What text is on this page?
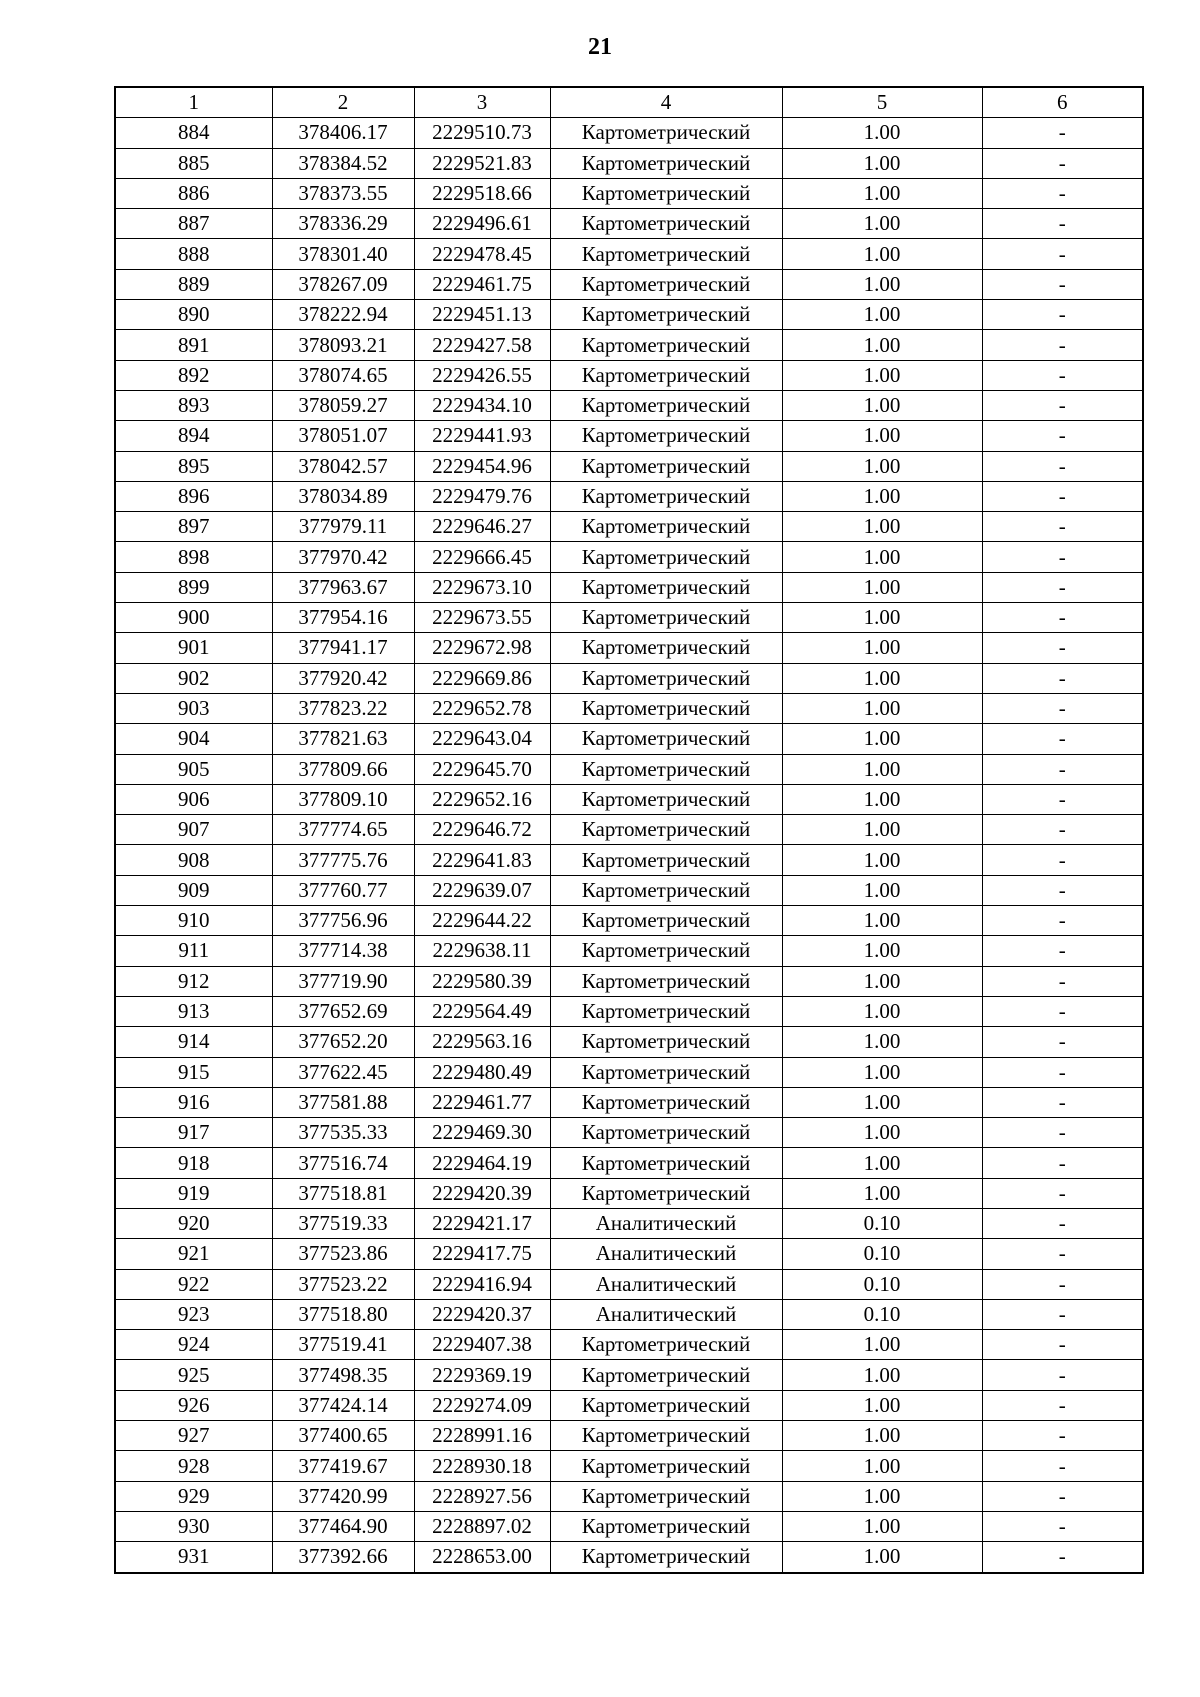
21
1	2	3	4	5	6
884	378406.17	2229510.73	Картометрический	1.00	-
885	378384.52	2229521.83	Картометрический	1.00	-
886	378373.55	2229518.66	Картометрический	1.00	-
887	378336.29	2229496.61	Картометрический	1.00	-
888	378301.40	2229478.45	Картометрический	1.00	-
889	378267.09	2229461.75	Картометрический	1.00	-
890	378222.94	2229451.13	Картометрический	1.00	-
891	378093.21	2229427.58	Картометрический	1.00	-
892	378074.65	2229426.55	Картометрический	1.00	-
893	378059.27	2229434.10	Картометрический	1.00	-
894	378051.07	2229441.93	Картометрический	1.00	-
895	378042.57	2229454.96	Картометрический	1.00	-
896	378034.89	2229479.76	Картометрический	1.00	-
897	377979.11	2229646.27	Картометрический	1.00	-
898	377970.42	2229666.45	Картометрический	1.00	-
899	377963.67	2229673.10	Картометрический	1.00	-
900	377954.16	2229673.55	Картометрический	1.00	-
901	377941.17	2229672.98	Картометрический	1.00	-
902	377920.42	2229669.86	Картометрический	1.00	-
903	377823.22	2229652.78	Картометрический	1.00	-
904	377821.63	2229643.04	Картометрический	1.00	-
905	377809.66	2229645.70	Картометрический	1.00	-
906	377809.10	2229652.16	Картометрический	1.00	-
907	377774.65	2229646.72	Картометрический	1.00	-
908	377775.76	2229641.83	Картометрический	1.00	-
909	377760.77	2229639.07	Картометрический	1.00	-
910	377756.96	2229644.22	Картометрический	1.00	-
911	377714.38	2229638.11	Картометрический	1.00	-
912	377719.90	2229580.39	Картометрический	1.00	-
913	377652.69	2229564.49	Картометрический	1.00	-
914	377652.20	2229563.16	Картометрический	1.00	-
915	377622.45	2229480.49	Картометрический	1.00	-
916	377581.88	2229461.77	Картометрический	1.00	-
917	377535.33	2229469.30	Картометрический	1.00	-
918	377516.74	2229464.19	Картометрический	1.00	-
919	377518.81	2229420.39	Картометрический	1.00	-
920	377519.33	2229421.17	Аналитический	0.10	-
921	377523.86	2229417.75	Аналитический	0.10	-
922	377523.22	2229416.94	Аналитический	0.10	-
923	377518.80	2229420.37	Аналитический	0.10	-
924	377519.41	2229407.38	Картометрический	1.00	-
925	377498.35	2229369.19	Картометрический	1.00	-
926	377424.14	2229274.09	Картометрический	1.00	-
927	377400.65	2228991.16	Картометрический	1.00	-
928	377419.67	2228930.18	Картометрический	1.00	-
929	377420.99	2228927.56	Картометрический	1.00	-
930	377464.90	2228897.02	Картометрический	1.00	-
931	377392.66	2228653.00	Картометрический	1.00	-
